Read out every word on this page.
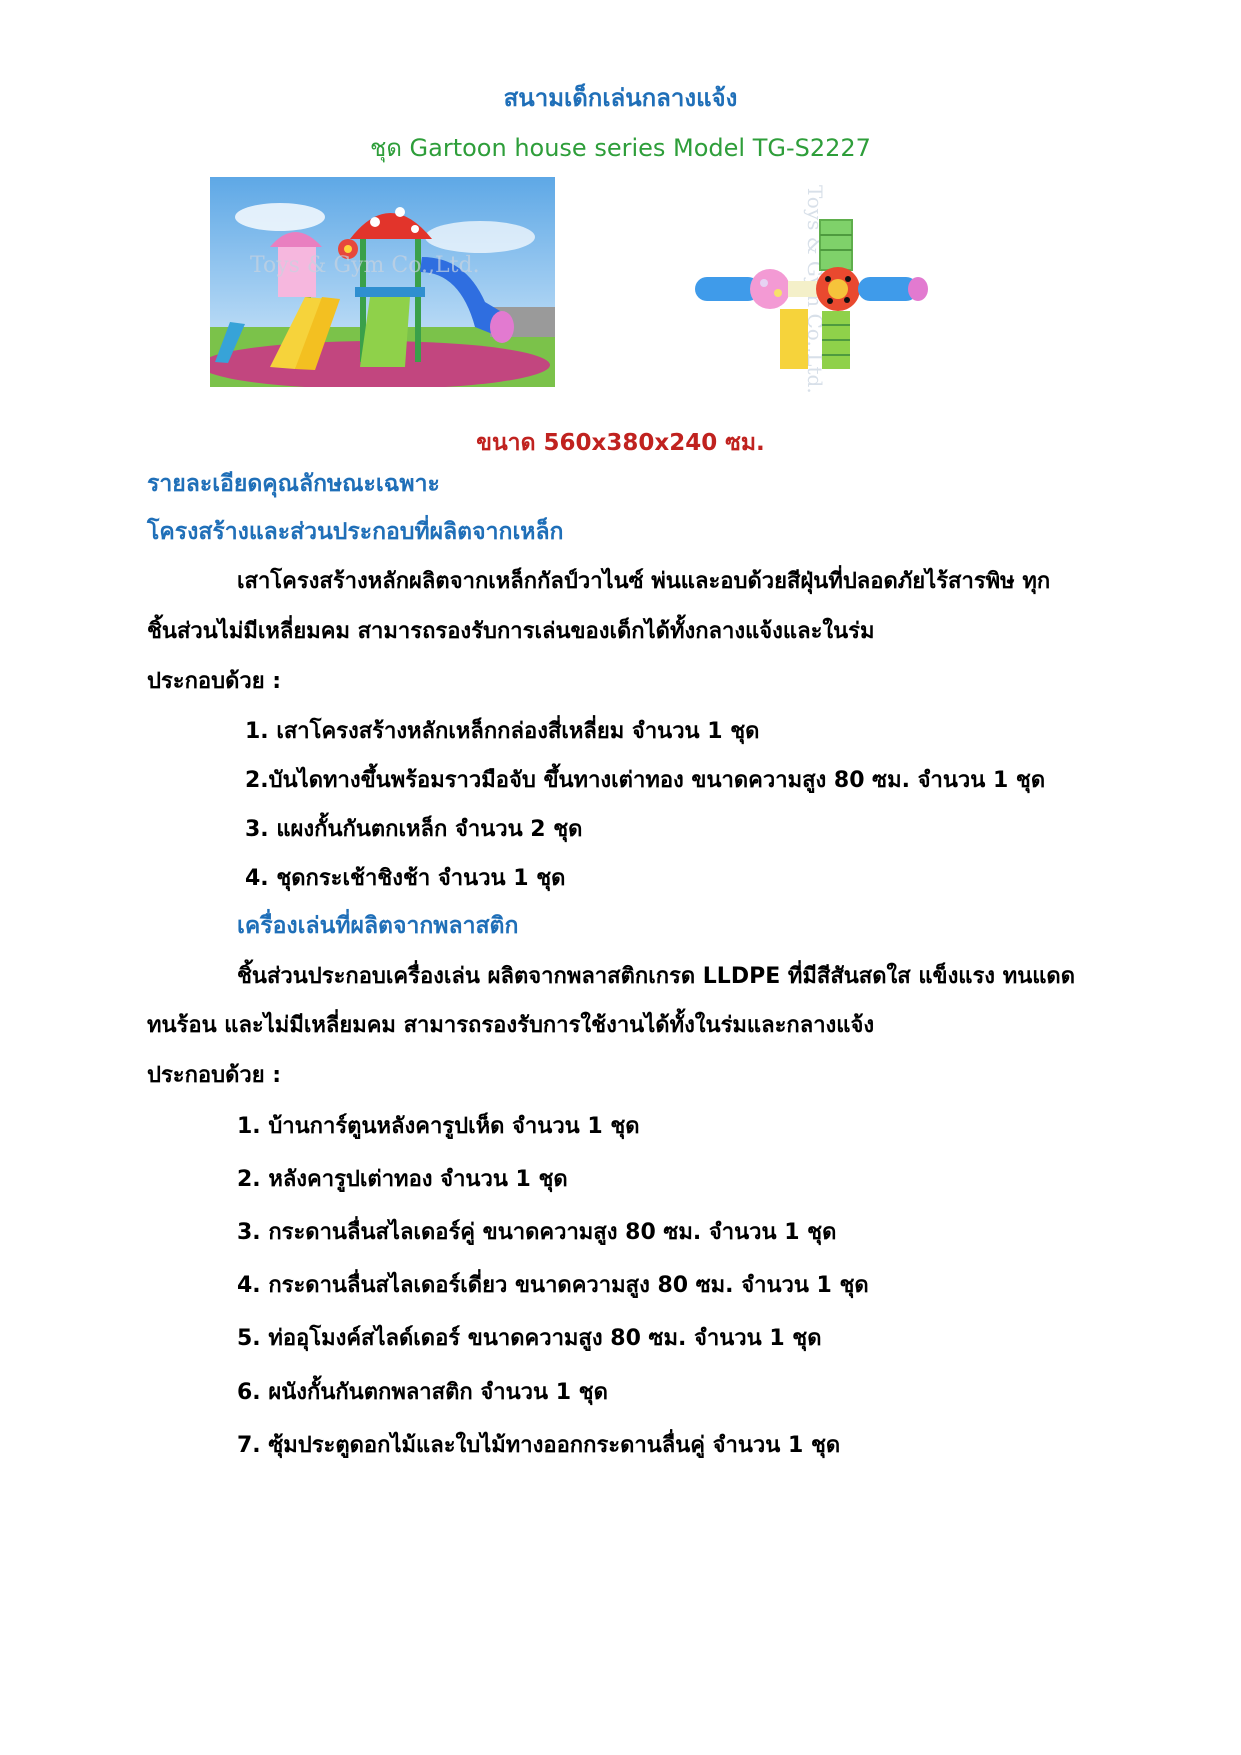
สนามเด็กเล่นกลางแจ้ง
ชุด Gartoon house series Model TG-S2227
Toys & Gym Co.,Ltd.
Toys & Co.,Ltd.
ขนาด 560x380x240 ซม.
รายละเอียดคุณลักษณะเฉพาะ
โครงสร้างและส่วนประกอบที่ผลิตจากเหล็ก
เสาโครงสร้างหลักผลิตจากเหล็กกัลป์วาไนซ์ พ่นและอบด้วยสีฝุ่นที่ปลอดภัยไร้สารพิษ ทุก
ชิ้นส่วนไม่มีเหลี่ยมคม สามารถรองรับการเล่นของเด็กได้ทั้งกลางแจ้งและในร่ม
ประกอบด้วย :
1. เสาโครงสร้างหลักเหล็กกล่องสี่เหลี่ยม จำนวน 1 ชุด
2.บันไดทางขึ้นพร้อมราวมือจับ ขึ้นทางเต่าทอง ขนาดความสูง 80 ซม. จำนวน 1 ชุด
3. แผงกั้นกันตกเหล็ก จำนวน 2 ชุด
4. ชุดกระเช้าชิงช้า จำนวน 1 ชุด
เครื่องเล่นที่ผลิตจากพลาสติก
ชิ้นส่วนประกอบเครื่องเล่น ผลิตจากพลาสติกเกรด LLDPE ที่มีสีสันสดใส แข็งแรง ทนแดด
ทนร้อน และไม่มีเหลี่ยมคม สามารถรองรับการใช้งานได้ทั้งในร่มและกลางแจ้ง
ประกอบด้วย :
1. บ้านการ์ตูนหลังคารูปเห็ด จำนวน 1 ชุด
2. หลังคารูปเต่าทอง จำนวน 1 ชุด
3. กระดานลื่นสไลเดอร์คู่ ขนาดความสูง 80 ซม. จำนวน 1 ชุด
4. กระดานลื่นสไลเดอร์เดี่ยว ขนาดความสูง 80 ซม. จำนวน 1 ชุด
5. ท่ออุโมงค์สไลด์เดอร์ ขนาดความสูง 80 ซม. จำนวน 1 ชุด
6. ผนังกั้นกันตกพลาสติก จำนวน 1 ชุด
7. ซุ้มประตูดอกไม้และใบไม้ทางออกกระดานลื่นคู่ จำนวน 1 ชุด
